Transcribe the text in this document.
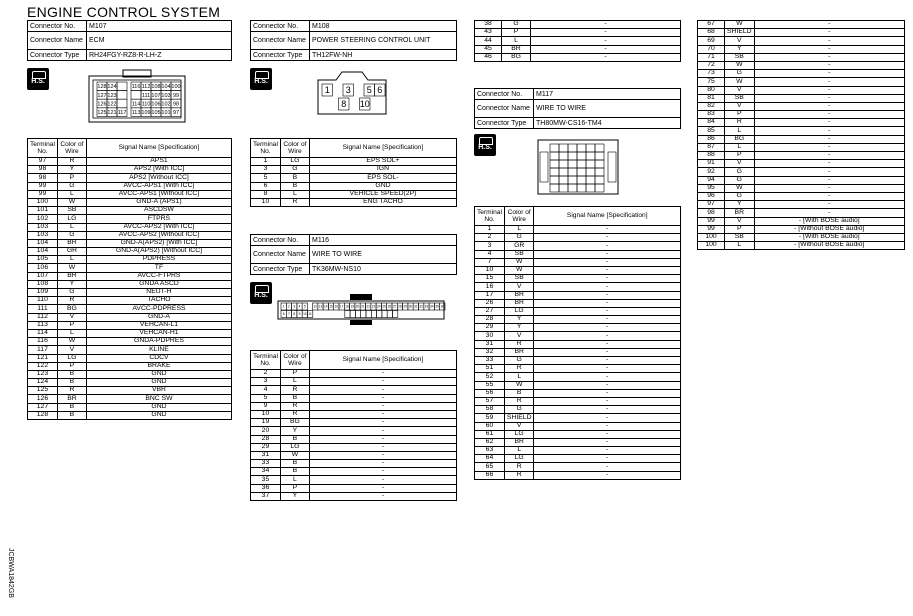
ENGINE CONTROL SYSTEM
Connector No.	M107
Connector Name	ECM
Connector Type	RH24FGY-RZ8-R-LH-Z
H.S.
128 124	116 112 108 104 100
127 123	111 107 103 99
126 122	114 110 106 102 98
125 121 117 113 109 105 101 97
Terminal No.	Color of Wire	Signal Name [Specification]
97	R	APS1
98	Y	APS2 [With ICC]
98	P	APS2 [Without ICC]
99	G	AVCC-APS1 [With ICC]
99	L	AVCC-APS1 [Without ICC]
100	W	GND-A (APS1)
101	SB	ASCDSW
102	LG	FTPRS
103	L	AVCC-APS2 [With ICC]
103	G	AVCC-APS2 [Without ICC]
104	BR	GND-A(APS2) [With ICC]
104	GR	GND-A(APS2) [Without ICC]
105	L	PDPRESS
106	W	TF
107	BR	AVCC-FTPRS
108	Y	GNDA ASCD
109	G	NEUT-H
110	R	TACHO
111	BG	AVCC-PDPRESS
112	V	GND-A
113	P	VEHCAN-L1
114	L	VEHCAN-H1
116	W	GNDA-PDPRES
117	V	KLINE
121	LG	CDCV
122	P	BRAKE
123	B	GND
124	B	GND
125	R	VBR
126	BR	BNC SW
127	B	GND
128	B	GND
Connector No.	M108
Connector Name	POWER STEERING CONTROL UNIT
Connector Type	TH12FW-NH
H.S.
1 3 5 6
8 10
Terminal No.	Color of Wire	Signal Name [Specification]
1	LG	EPS SOL+
3	G	IGN
5	B	EPS SOL-
6	B	GND
8	L	VEHICLE SPEED(2P)
10	R	ENG TACHO
Connector No.	M116
Connector Name	WIRE TO WIRE
Connector Type	TK36MW-NS10
H.S.
1 2 3 4 5 12 13 14 15 16 17 18 19 20 21 22 23 24 25 26 27 28 29 30 31 32 33 34 35 36
6 7 8 9 10 11
Terminal No.	Color of Wire	Signal Name [Specification]
2	P	-
3	L	-
4	R	-
5	B	-
9	R	-
10	R	-
19	BG	-
20	Y	-
28	B	-
29	LG	-
31	W	-
33	B	-
34	B	-
35	L	-
36	P	-
37	Y	-
38	G	-
43	P	-
44	L	-
45	BR	-
46	BG	-
Connector No.	M117
Connector Name	WIRE TO WIRE
Connector Type	TH80MW-CS16-TM4
H.S.
Terminal No.	Color of Wire	Signal Name [Specification]
1	L	-
2	G	-
3	GR	-
4	SB	-
7	W	-
10	W	-
15	SB	-
16	V	-
17	BR	-
26	BR	-
27	LG	-
28	Y	-
29	Y	-
30	V	-
31	R	-
32	BR	-
33	G	-
51	R	-
52	L	-
55	W	-
56	B	-
57	R	-
58	G	-
59	SHIELD	-
60	V	-
61	LG	-
62	BR	-
63	L	-
64	LG	-
65	R	-
66	R	-
67	W	-
68	SHIELD	-
69	V	-
70	Y	-
71	SB	-
72	W	-
73	G	-
75	W	-
80	V	-
81	SB	-
82	V	-
83	P	-
84	R	-
85	L	-
86	BG	-
87	L	-
88	P	-
91	V	-
92	G	-
94	G	-
95	W	-
96	G	-
97	Y	-
98	BR	-
99	V	- [With BOSE audio]
99	P	- [Without BOSE audio]
100	SB	- [With BOSE audio]
100	L	- [Without BOSE audio]
JCBWA1842GB
